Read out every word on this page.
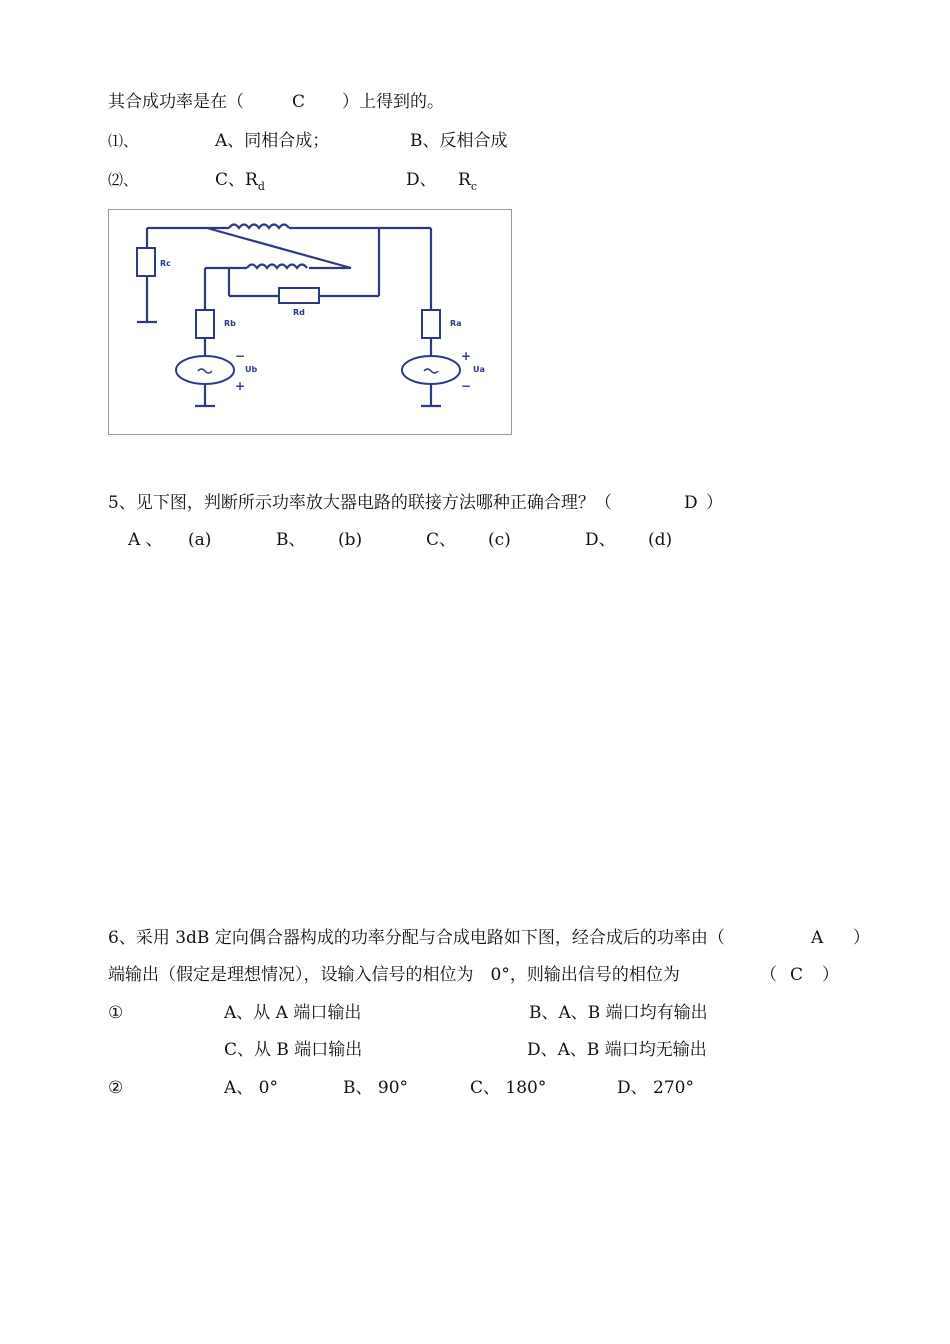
其合成功率是在（	C ）上得到的。
⑴、	A、同相合成；	B、反相合成
⑵、	C、$R_d$	D、 $R_c$
Rc
Rd
Rb
−
Ub
+
Ra
+
Ua
−
5、见下图，判断所示功率放大器电路的联接方法哪种正确合理？（	D ）
A 、 (a)	B、 (b)	C、 (c)	D、 (d)
6、采用 3dB 定向偶合器构成的功率分配与合成电路如下图，经合成后的功率由（	A ）
端输出（假定是理想情况），设输入信号的相位为　0°，则输出信号的相位为	（ C ）
①	A、从 A 端口输出	B、A、B 端口均有输出
C、从 B 端口输出	D、A、B 端口均无输出
②	A、 0°	B、 90°	C、 180°	D、 270°
